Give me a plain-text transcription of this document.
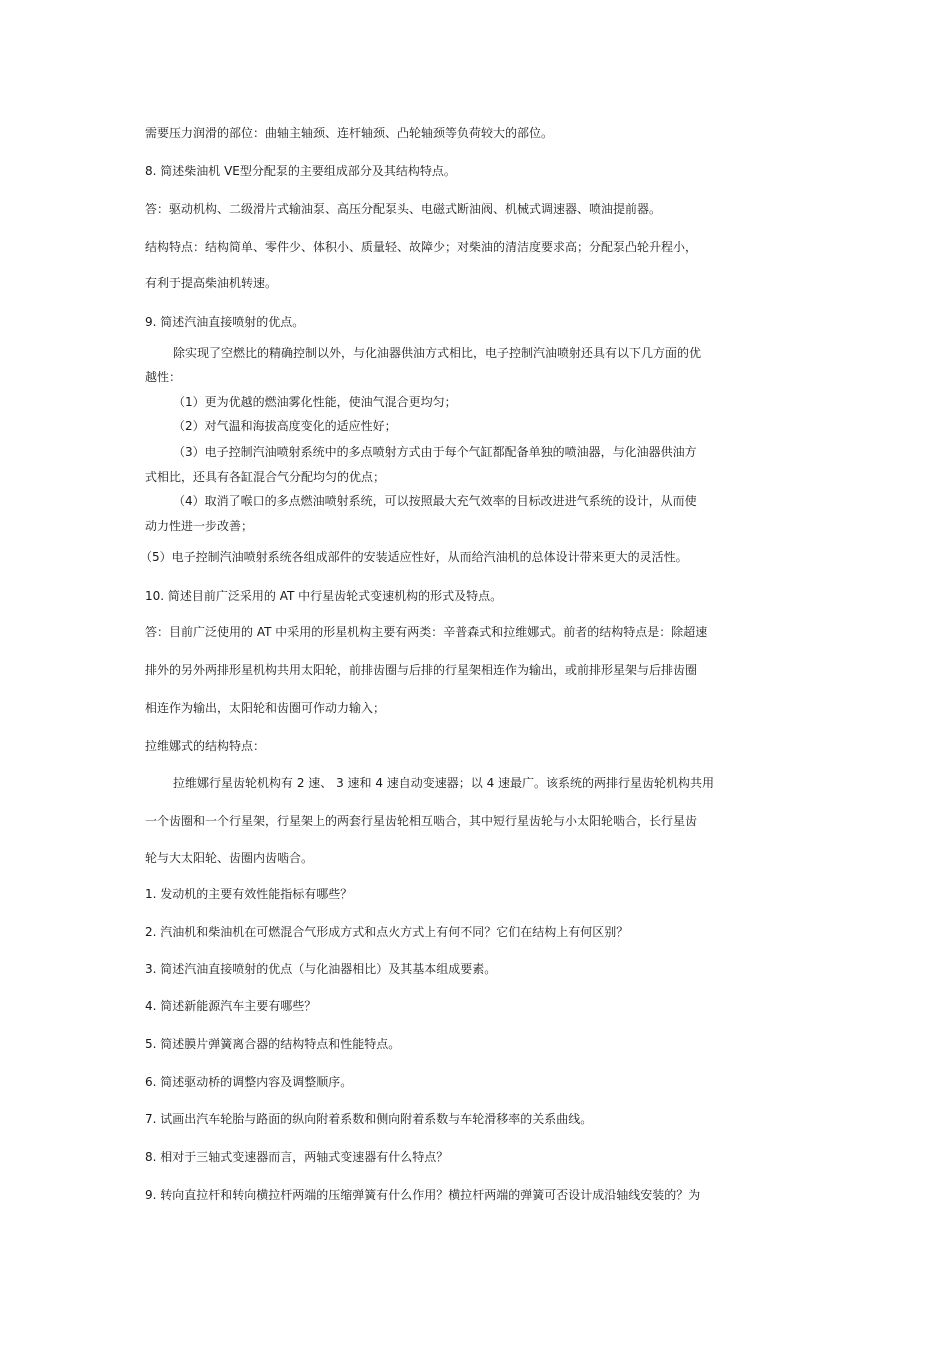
需要压力润滑的部位：曲轴主轴颈、连杆轴颈、凸轮轴颈等负荷较大的部位。

8. 简述柴油机 VE型分配泵的主要组成部分及其结构特点。

答：驱动机构、二级滑片式输油泵、高压分配泵头、电磁式断油阀、机械式调速器、喷油提前器。

结构特点：结构简单、零件少、体积小、质量轻、故障少；对柴油的清洁度要求高；分配泵凸轮升程小，

有利于提高柴油机转速。

9. 简述汽油直接喷射的优点。

除实现了空燃比的精确控制以外，与化油器供油方式相比，电子控制汽油喷射还具有以下几方面的优

越性：

（1）更为优越的燃油雾化性能，使油气混合更均匀；

（2）对气温和海拔高度变化的适应性好；

（3）电子控制汽油喷射系统中的多点喷射方式由于每个气缸都配备单独的喷油器，与化油器供油方

式相比，还具有各缸混合气分配均匀的优点；

（4）取消了喉口的多点燃油喷射系统，可以按照最大充气效率的目标改进进气系统的设计，从而使

动力性进一步改善；

（5）电子控制汽油喷射系统各组成部件的安装适应性好，从而给汽油机的总体设计带来更大的灵活性。

10. 简述目前广泛采用的 AT 中行星齿轮式变速机构的形式及特点。

答：目前广泛使用的 AT 中采用的形星机构主要有两类：辛普森式和拉维娜式。前者的结构特点是：除超速

排外的另外两排形星机构共用太阳轮，前排齿圈与后排的行星架相连作为输出，或前排形星架与后排齿圈

相连作为输出，太阳轮和齿圈可作动力输入；

拉维娜式的结构特点：

拉维娜行星齿轮机构有 2 速、 3 速和 4 速自动变速器；以 4 速最广。该系统的两排行星齿轮机构共用

一个齿圈和一个行星架，行星架上的两套行星齿轮相互啮合，其中短行星齿轮与小太阳轮啮合，长行星齿

轮与大太阳轮、齿圈内齿啮合。

1. 发动机的主要有效性能指标有哪些？

2. 汽油机和柴油机在可燃混合气形成方式和点火方式上有何不同？它们在结构上有何区别？

3. 简述汽油直接喷射的优点（与化油器相比）及其基本组成要素。

4. 简述新能源汽车主要有哪些？

5. 简述膜片弹簧离合器的结构特点和性能特点。

6. 简述驱动桥的调整内容及调整顺序。

7. 试画出汽车轮胎与路面的纵向附着系数和侧向附着系数与车轮滑移率的关系曲线。

8. 相对于三轴式变速器而言，两轴式变速器有什么特点？

9. 转向直拉杆和转向横拉杆两端的压缩弹簧有什么作用？横拉杆两端的弹簧可否设计成沿轴线安装的？为
